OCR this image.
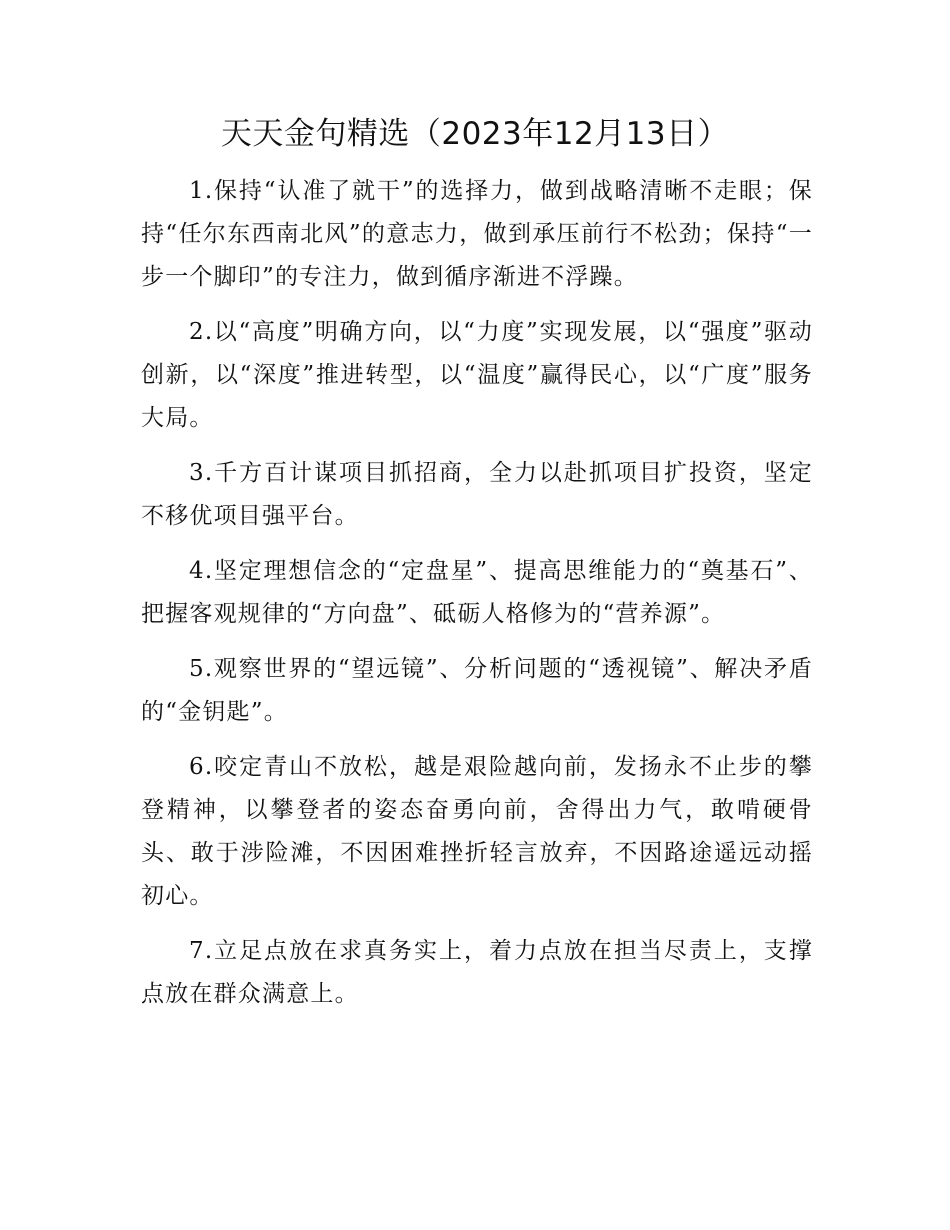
天天金句精选（2023年12月13日）

1.保持“认准了就干”的选择力，做到战略清晰不走眼；保持“任尔东西南北风”的意志力，做到承压前行不松劲；保持“一步一个脚印”的专注力，做到循序渐进不浮躁。

2.以“高度”明确方向，以“力度”实现发展，以“强度”驱动创新，以“深度”推进转型，以“温度”赢得民心，以“广度”服务大局。

3.千方百计谋项目抓招商，全力以赴抓项目扩投资，坚定不移优项目强平台。

4.坚定理想信念的“定盘星”、提高思维能力的“奠基石”、把握客观规律的“方向盘”、砥砺人格修为的“营养源”。

5.观察世界的“望远镜”、分析问题的“透视镜”、解决矛盾的“金钥匙”。

6.咬定青山不放松，越是艰险越向前，发扬永不止步的攀登精神，以攀登者的姿态奋勇向前，舍得出力气，敢啃硬骨头、敢于涉险滩，不因困难挫折轻言放弃，不因路途遥远动摇初心。

7.立足点放在求真务实上，着力点放在担当尽责上，支撑点放在群众满意上。
